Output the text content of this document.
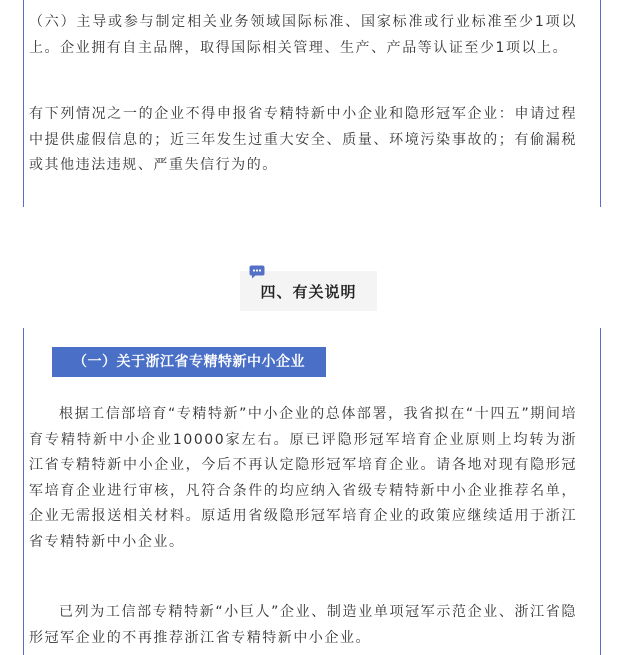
（六）主导或参与制定相关业务领域国际标准、国家标准或行业标准至少1项以上。企业拥有自主品牌，取得国际相关管理、生产、产品等认证至少1项以上。

有下列情况之一的企业不得申报省专精特新中小企业和隐形冠军企业：申请过程中提供虚假信息的；近三年发生过重大安全、质量、环境污染事故的；有偷漏税或其他违法违规、严重失信行为的。

四、有关说明
（一）关于浙江省专精特新中小企业

根据工信部培育“专精特新”中小企业的总体部署，我省拟在“十四五”期间培育专精特新中小企业10000家左右。原已评隐形冠军培育企业原则上均转为浙江省专精特新中小企业，今后不再认定隐形冠军培育企业。请各地对现有隐形冠军培育企业进行审核，凡符合条件的均应纳入省级专精特新中小企业推荐名单，企业无需报送相关材料。原适用省级隐形冠军培育企业的政策应继续适用于浙江省专精特新中小企业。

已列为工信部专精特新“小巨人”企业、制造业单项冠军示范企业、浙江省隐形冠军企业的不再推荐浙江省专精特新中小企业。
